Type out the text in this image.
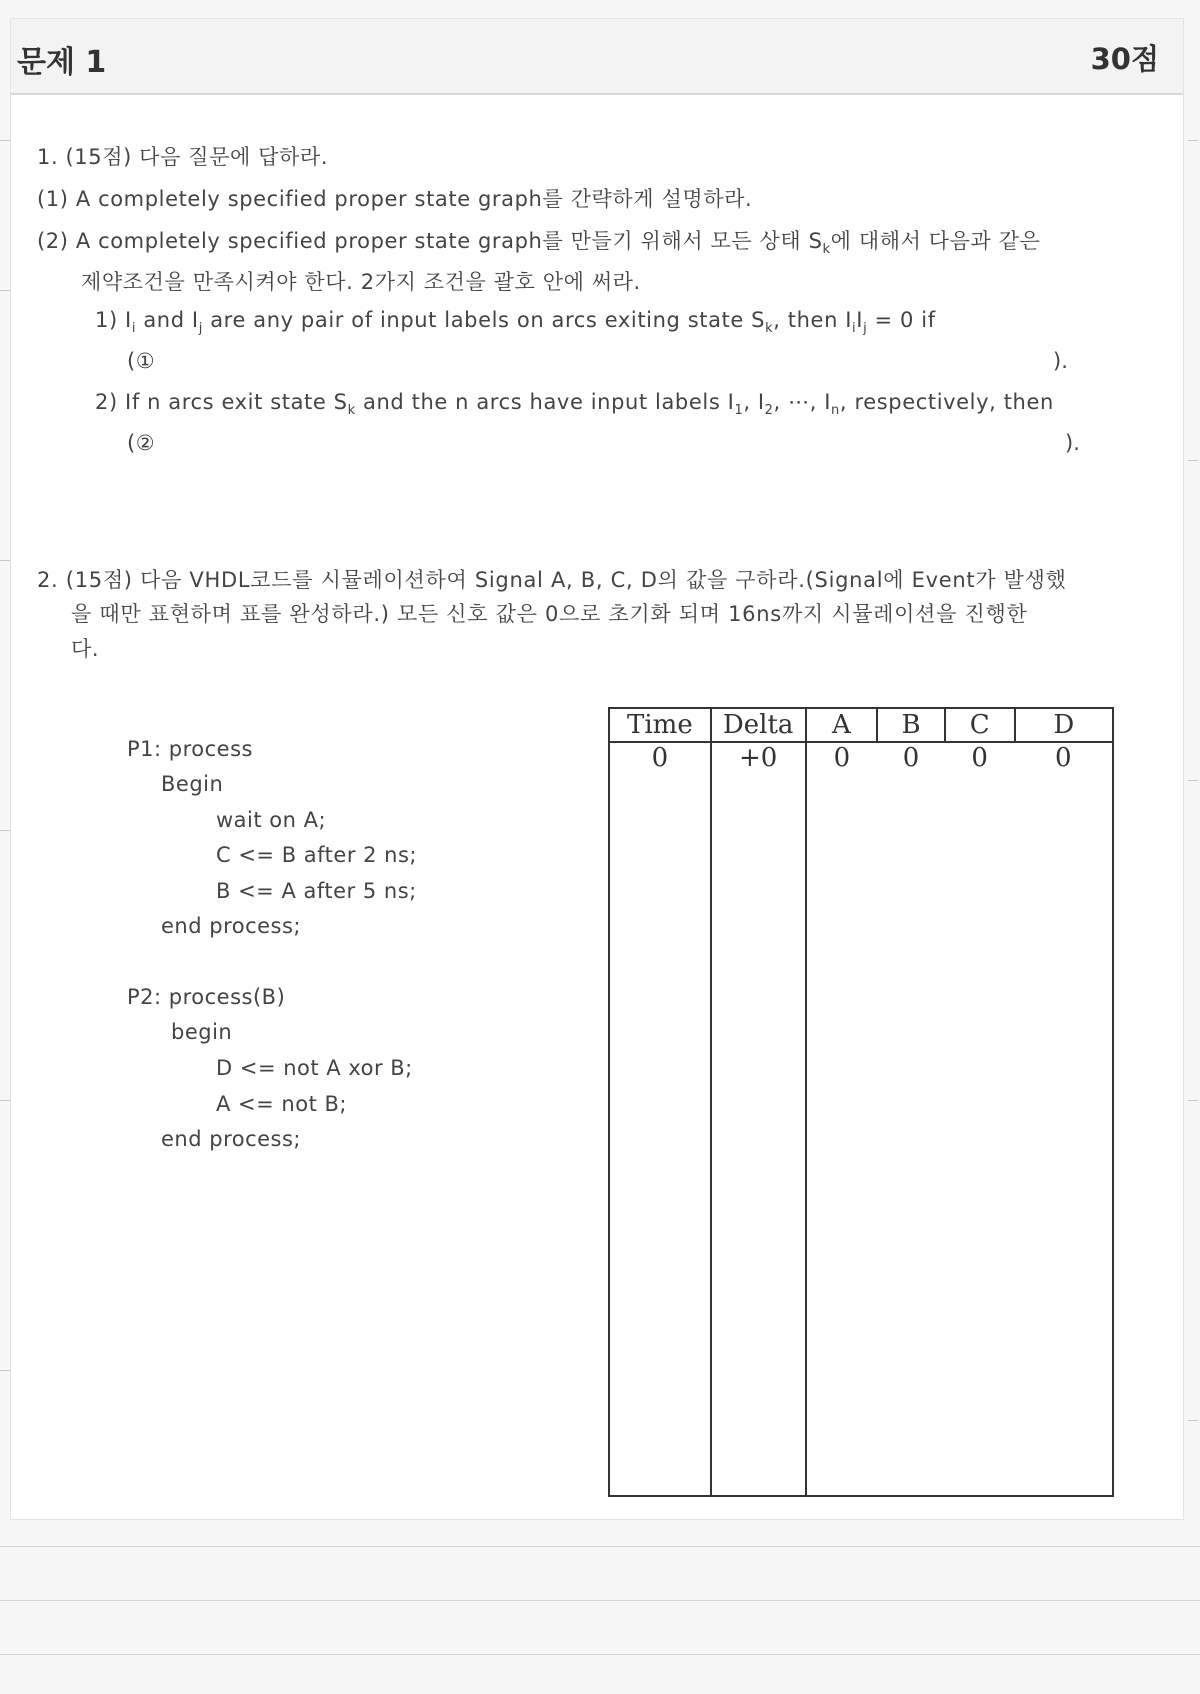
문제 1	30점
1. (15점) 다음 질문에 답하라.
(1) A completely specified proper state graph를 간략하게 설명하라.
(2) A completely specified proper state graph를 만들기 위해서 모든 상태 $S_k$에 대해서 다음과 같은
제약조건을 만족시켜야 한다. 2가지 조건을 괄호 안에 써라.
1) $I_i$ and $I_j$ are any pair of input labels on arcs exiting state $S_k$, then $I_iI_j = 0$ if
(①	).
2) If n arcs exit state $S_k$ and the n arcs have input labels $I_1$, $I_2$, ⋯, $I_n$, respectively, then
(②	).
2. (15점) 다음 VHDL코드를 시뮬레이션하여 Signal A, B, C, D의 값을 구하라.(Signal에 Event가 발생했
을 때만 표현하며 표를 완성하라.) 모든 신호 값은 0으로 초기화 되며 16ns까지 시뮬레이션을 진행한
다.
P1: process
Begin
wait on A;
C <= B after 2 ns;
B <= A after 5 ns;
end process;
P2: process(B)
begin
D <= not A xor B;
A <= not B;
end process;
Time	Delta	A	B	C	D
0	+0	0	0	0	0
